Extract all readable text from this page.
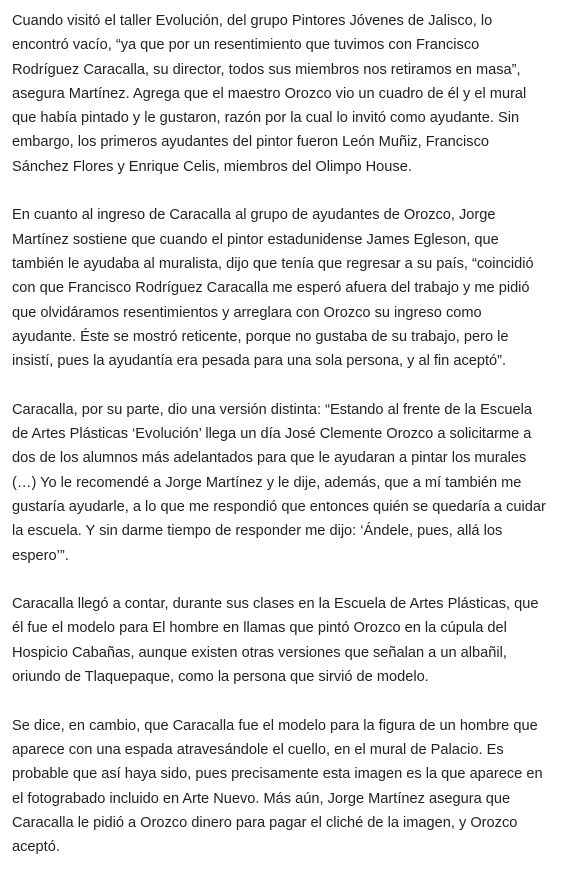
Cuando visitó el taller Evolución, del grupo Pintores Jóvenes de Jalisco, lo encontró vacío, “ya que por un resentimiento que tuvimos con Francisco Rodríguez Caracalla, su director, todos sus miembros nos retiramos en masa”, asegura Martínez. Agrega que el maestro Orozco vio un cuadro de él y el mural que había pintado y le gustaron, razón por la cual lo invitó como ayudante. Sin embargo, los primeros ayudantes del pintor fueron León Muñiz, Francisco Sánchez Flores y Enrique Celis, miembros del Olimpo House.

En cuanto al ingreso de Caracalla al grupo de ayudantes de Orozco, Jorge Martínez sostiene que cuando el pintor estadunidense James Egleson, que también le ayudaba al muralista, dijo que tenía que regresar a su país, “coincidió con que Francisco Rodríguez Caracalla me esperó afuera del trabajo y me pidió que olvidáramos resentimientos y arreglara con Orozco su ingreso como ayudante. Éste se mostró reticente, porque no gustaba de su trabajo, pero le insistí, pues la ayudantía era pesada para una sola persona, y al fin aceptó”.

Caracalla, por su parte, dio una versión distinta: “Estando al frente de la Escuela de Artes Plásticas ‘Evolución’ llega un día José Clemente Orozco a solicitarme a dos de los alumnos más adelantados para que le ayudaran a pintar los murales (…) Yo le recomendé a Jorge Martínez y le dije, además, que a mí también me gustaría ayudarle, a lo que me respondió que entonces quién se quedaría a cuidar la escuela. Y sin darme tiempo de responder me dijo: ‘Ándele, pues, allá los espero’”.

Caracalla llegó a contar, durante sus clases en la Escuela de Artes Plásticas, que él fue el modelo para El hombre en llamas que pintó Orozco en la cúpula del Hospicio Cabañas, aunque existen otras versiones que señalan a un albañil, oriundo de Tlaquepaque, como la persona que sirvió de modelo.

Se dice, en cambio, que Caracalla fue el modelo para la figura de un hombre que aparece con una espada atravesándole el cuello, en el mural de Palacio. Es probable que así haya sido, pues precisamente esta imagen es la que aparece en el fotograbado incluido en Arte Nuevo. Más aún, Jorge Martínez asegura que Caracalla le pidió a Orozco dinero para pagar el cliché de la imagen, y Orozco aceptó.
